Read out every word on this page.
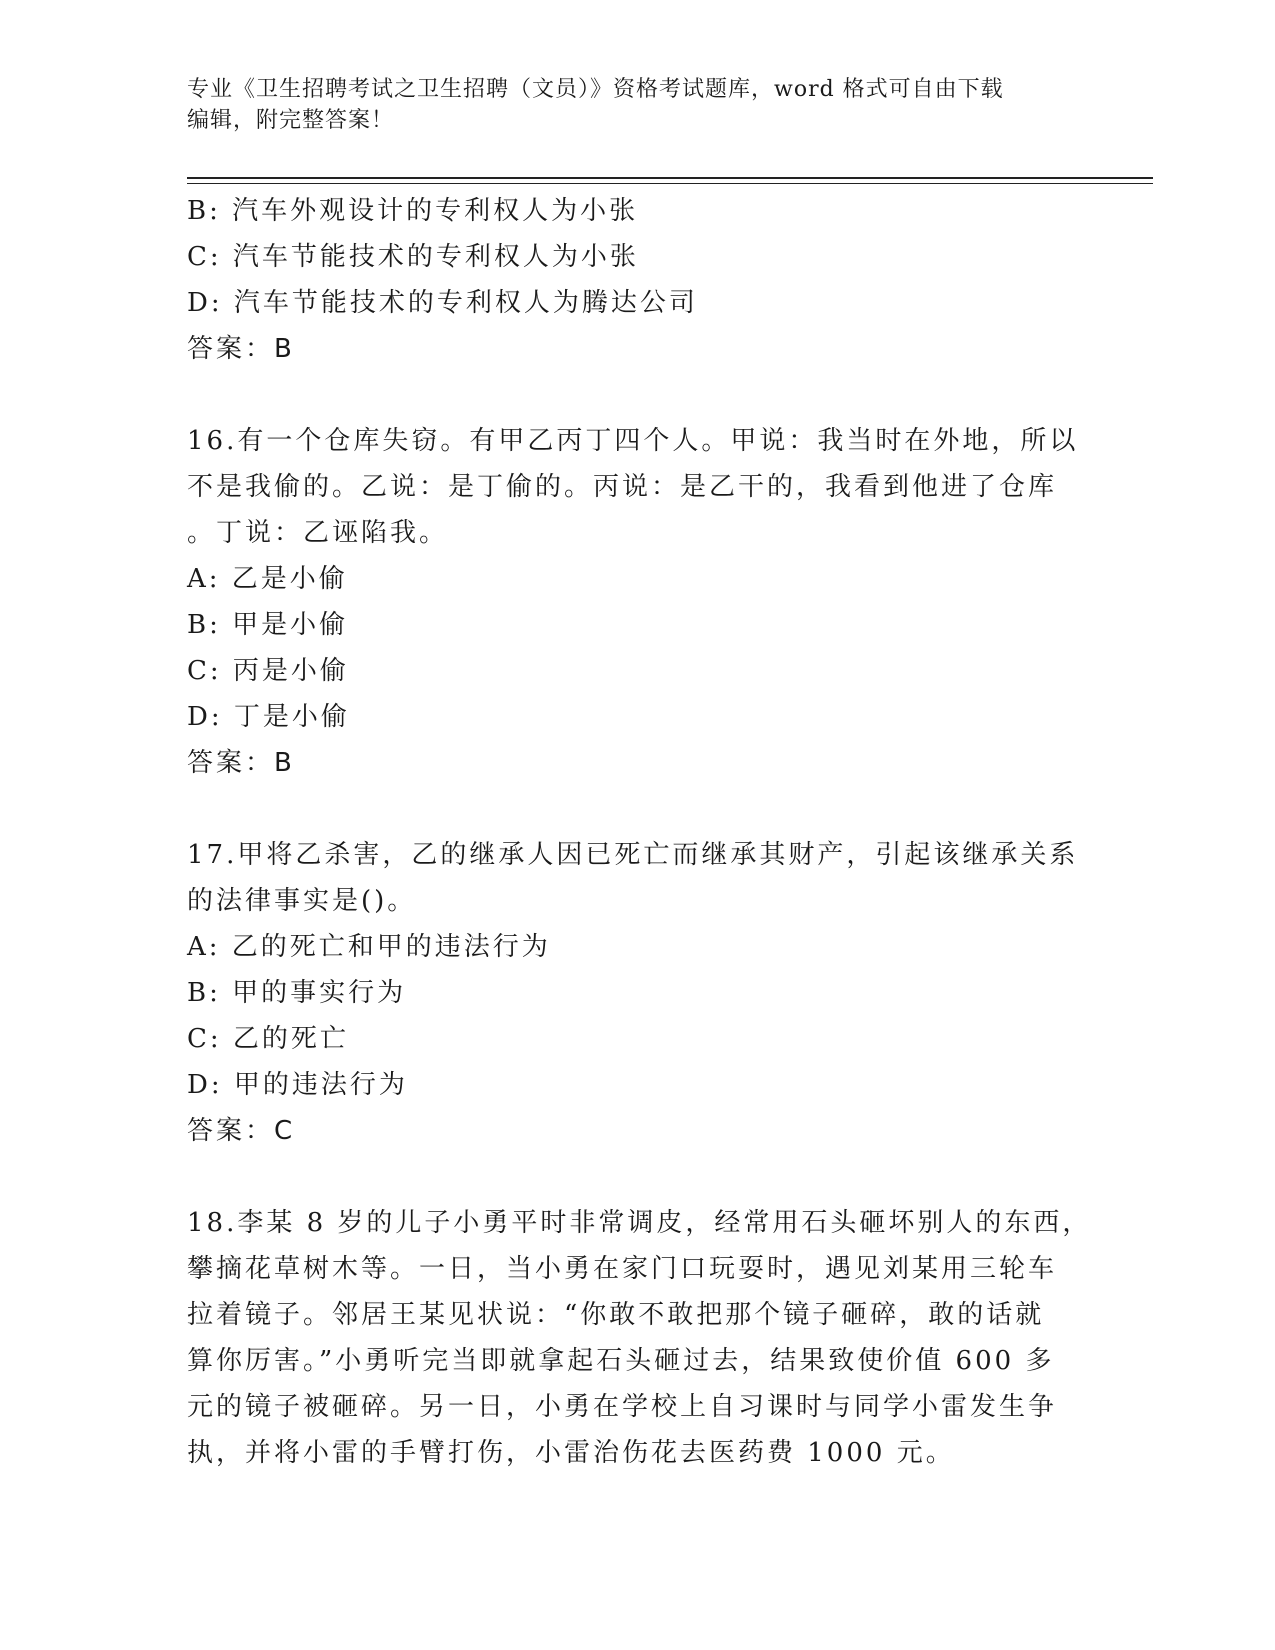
专业《卫生招聘考试之卫生招聘（文员）》资格考试题库，word 格式可自由下载
编辑，附完整答案！
B: 汽车外观设计的专利权人为小张
C: 汽车节能技术的专利权人为小张
D: 汽车节能技术的专利权人为腾达公司
答案：B
16.有一个仓库失窃。有甲乙丙丁四个人。甲说：我当时在外地，所以
不是我偷的。乙说：是丁偷的。丙说：是乙干的，我看到他进了仓库
。丁说：乙诬陷我。
A: 乙是小偷
B: 甲是小偷
C: 丙是小偷
D: 丁是小偷
答案：B
17.甲将乙杀害，乙的继承人因已死亡而继承其财产，引起该继承关系
的法律事实是()。
A: 乙的死亡和甲的违法行为
B: 甲的事实行为
C: 乙的死亡
D: 甲的违法行为
答案：C
18.李某 8 岁的儿子小勇平时非常调皮，经常用石头砸坏别人的东西，
攀摘花草树木等。一日，当小勇在家门口玩耍时，遇见刘某用三轮车
拉着镜子。邻居王某见状说：“你敢不敢把那个镜子砸碎，敢的话就
算你厉害。”小勇听完当即就拿起石头砸过去，结果致使价值 600 多
元的镜子被砸碎。另一日，小勇在学校上自习课时与同学小雷发生争
执，并将小雷的手臂打伤，小雷治伤花去医药费 1000 元。
